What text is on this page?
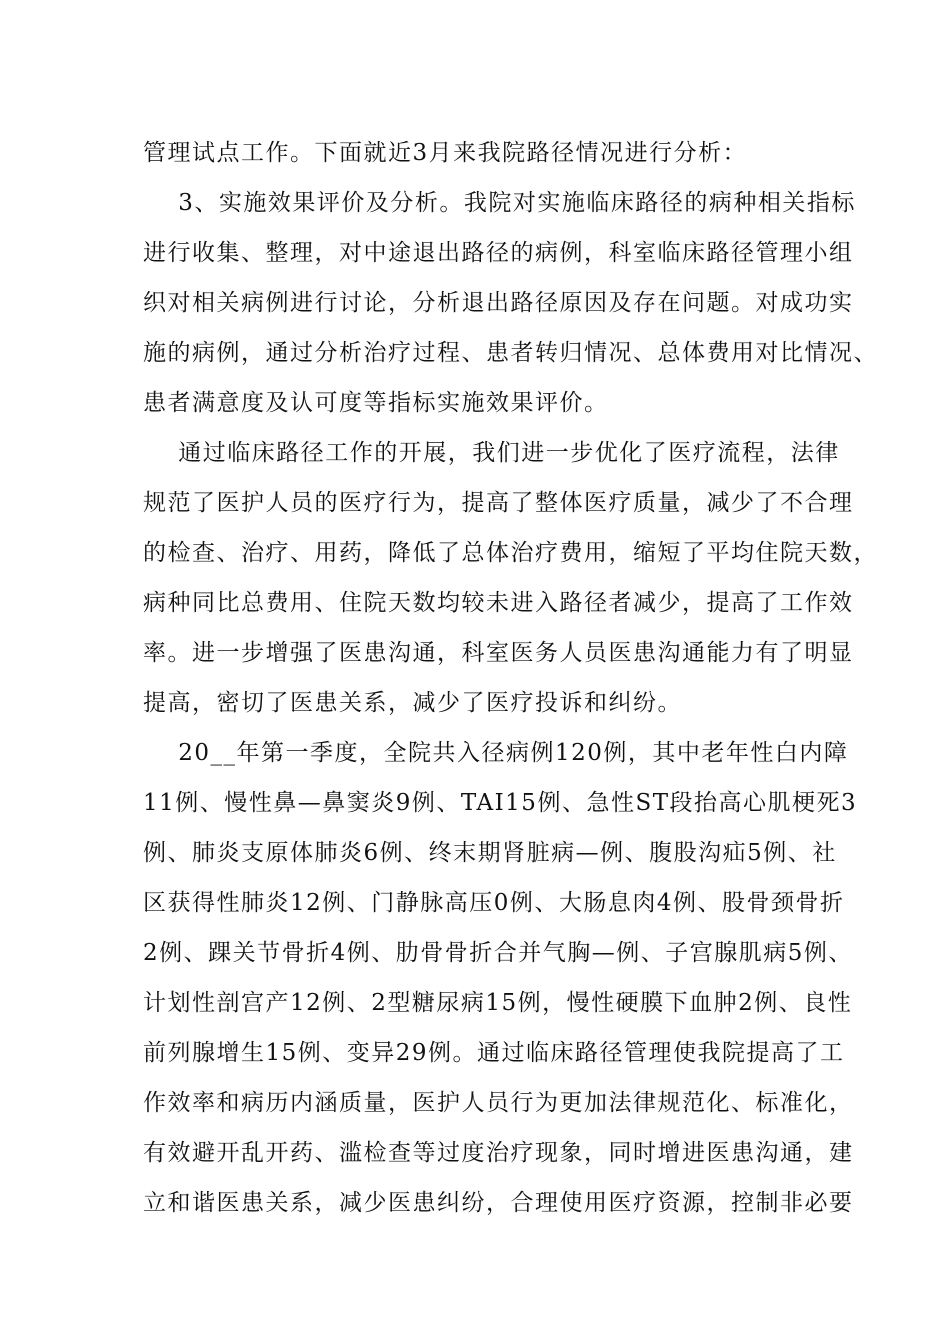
管理试点工作。下面就近3月来我院路径情况进行分析：
3、实施效果评价及分析。我院对实施临床路径的病种相关指标
进行收集、整理，对中途退出路径的病例，科室临床路径管理小组
织对相关病例进行讨论，分析退出路径原因及存在问题。对成功实
施的病例，通过分析治疗过程、患者转归情况、总体费用对比情况、
患者满意度及认可度等指标实施效果评价。
通过临床路径工作的开展，我们进一步优化了医疗流程，法律
规范了医护人员的医疗行为，提高了整体医疗质量，减少了不合理
的检查、治疗、用药，降低了总体治疗费用，缩短了平均住院天数，
病种同比总费用、住院天数均较未进入路径者减少，提高了工作效
率。进一步增强了医患沟通，科室医务人员医患沟通能力有了明显
提高，密切了医患关系，减少了医疗投诉和纠纷。
20__年第一季度，全院共入径病例120例，其中老年性白内障
11例、慢性鼻—鼻窦炎9例、TAI15例、急性ST段抬高心肌梗死3
例、肺炎支原体肺炎6例、终末期肾脏病—例、腹股沟疝5例、社
区获得性肺炎12例、门静脉高压0例、大肠息肉4例、股骨颈骨折
2例、踝关节骨折4例、肋骨骨折合并气胸—例、子宫腺肌病5例、
计划性剖宫产12例、2型糖尿病15例，慢性硬膜下血肿2例、良性
前列腺增生15例、变异29例。通过临床路径管理使我院提高了工
作效率和病历内涵质量，医护人员行为更加法律规范化、标准化，
有效避开乱开药、滥检查等过度治疗现象，同时增进医患沟通，建
立和谐医患关系，减少医患纠纷，合理使用医疗资源，控制非必要
